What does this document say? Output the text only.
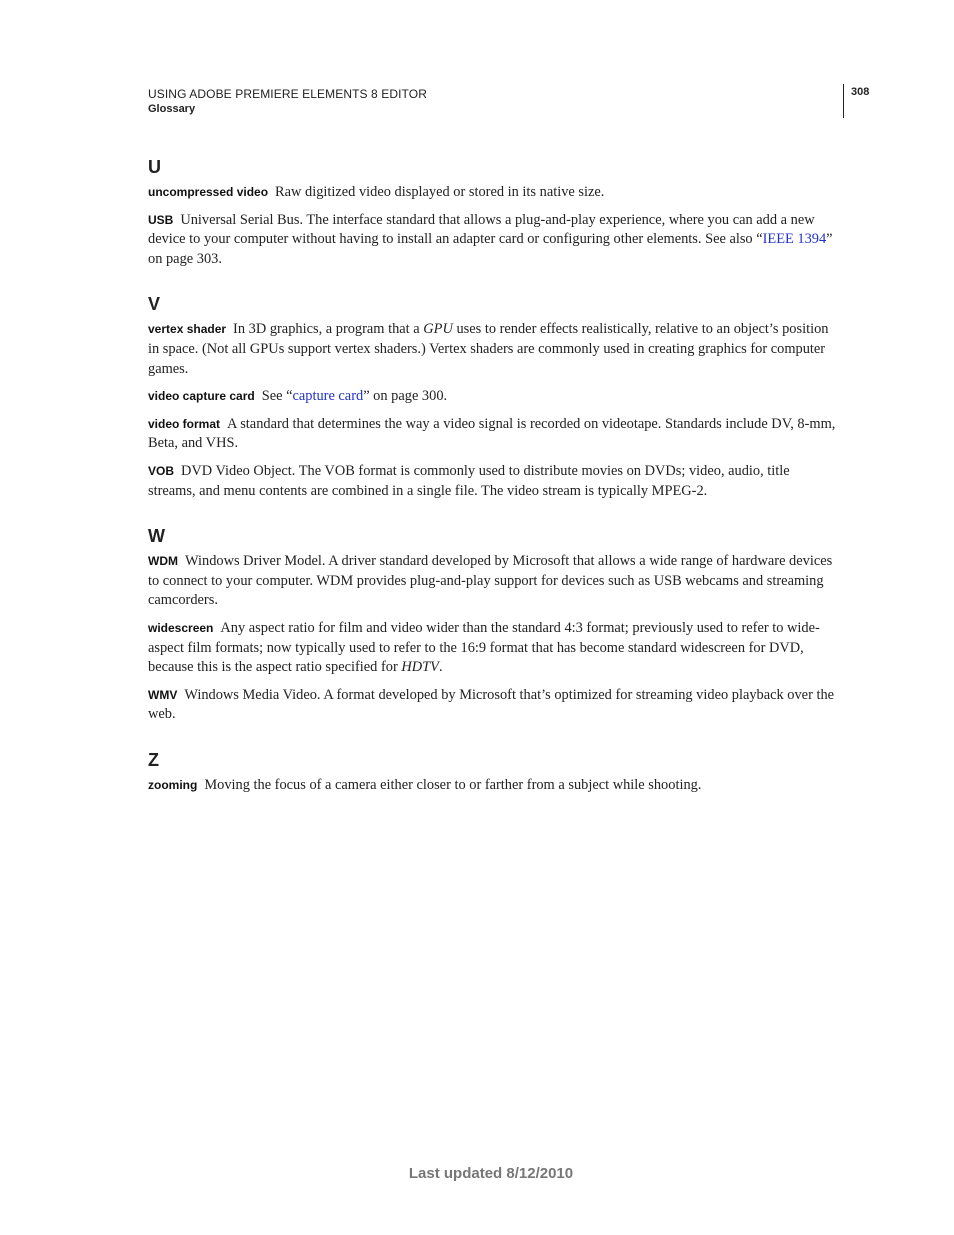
USING ADOBE PREMIERE ELEMENTS 8 EDITOR
Glossary
308
U

uncompressed video Raw digitized video displayed or stored in its native size.

USB Universal Serial Bus. The interface standard that allows a plug-and-play experience, where you can add a new device to your computer without having to install an adapter card or configuring other elements. See also “IEEE 1394” on page 303.

V

vertex shader In 3D graphics, a program that a GPU uses to render effects realistically, relative to an object’s position in space. (Not all GPUs support vertex shaders.) Vertex shaders are commonly used in creating graphics for computer games.

video capture card See “capture card” on page 300.

video format A standard that determines the way a video signal is recorded on videotape. Standards include DV, 8-mm, Beta, and VHS.

VOB DVD Video Object. The VOB format is commonly used to distribute movies on DVDs; video, audio, title streams, and menu contents are combined in a single file. The video stream is typically MPEG-2.

W

WDM Windows Driver Model. A driver standard developed by Microsoft that allows a wide range of hardware devices to connect to your computer. WDM provides plug-and-play support for devices such as USB webcams and streaming camcorders.

widescreen Any aspect ratio for film and video wider than the standard 4:3 format; previously used to refer to wide-aspect film formats; now typically used to refer to the 16:9 format that has become standard widescreen for DVD, because this is the aspect ratio specified for HDTV.

WMV Windows Media Video. A format developed by Microsoft that’s optimized for streaming video playback over the web.

Z

zooming Moving the focus of a camera either closer to or farther from a subject while shooting.

Last updated 8/12/2010
